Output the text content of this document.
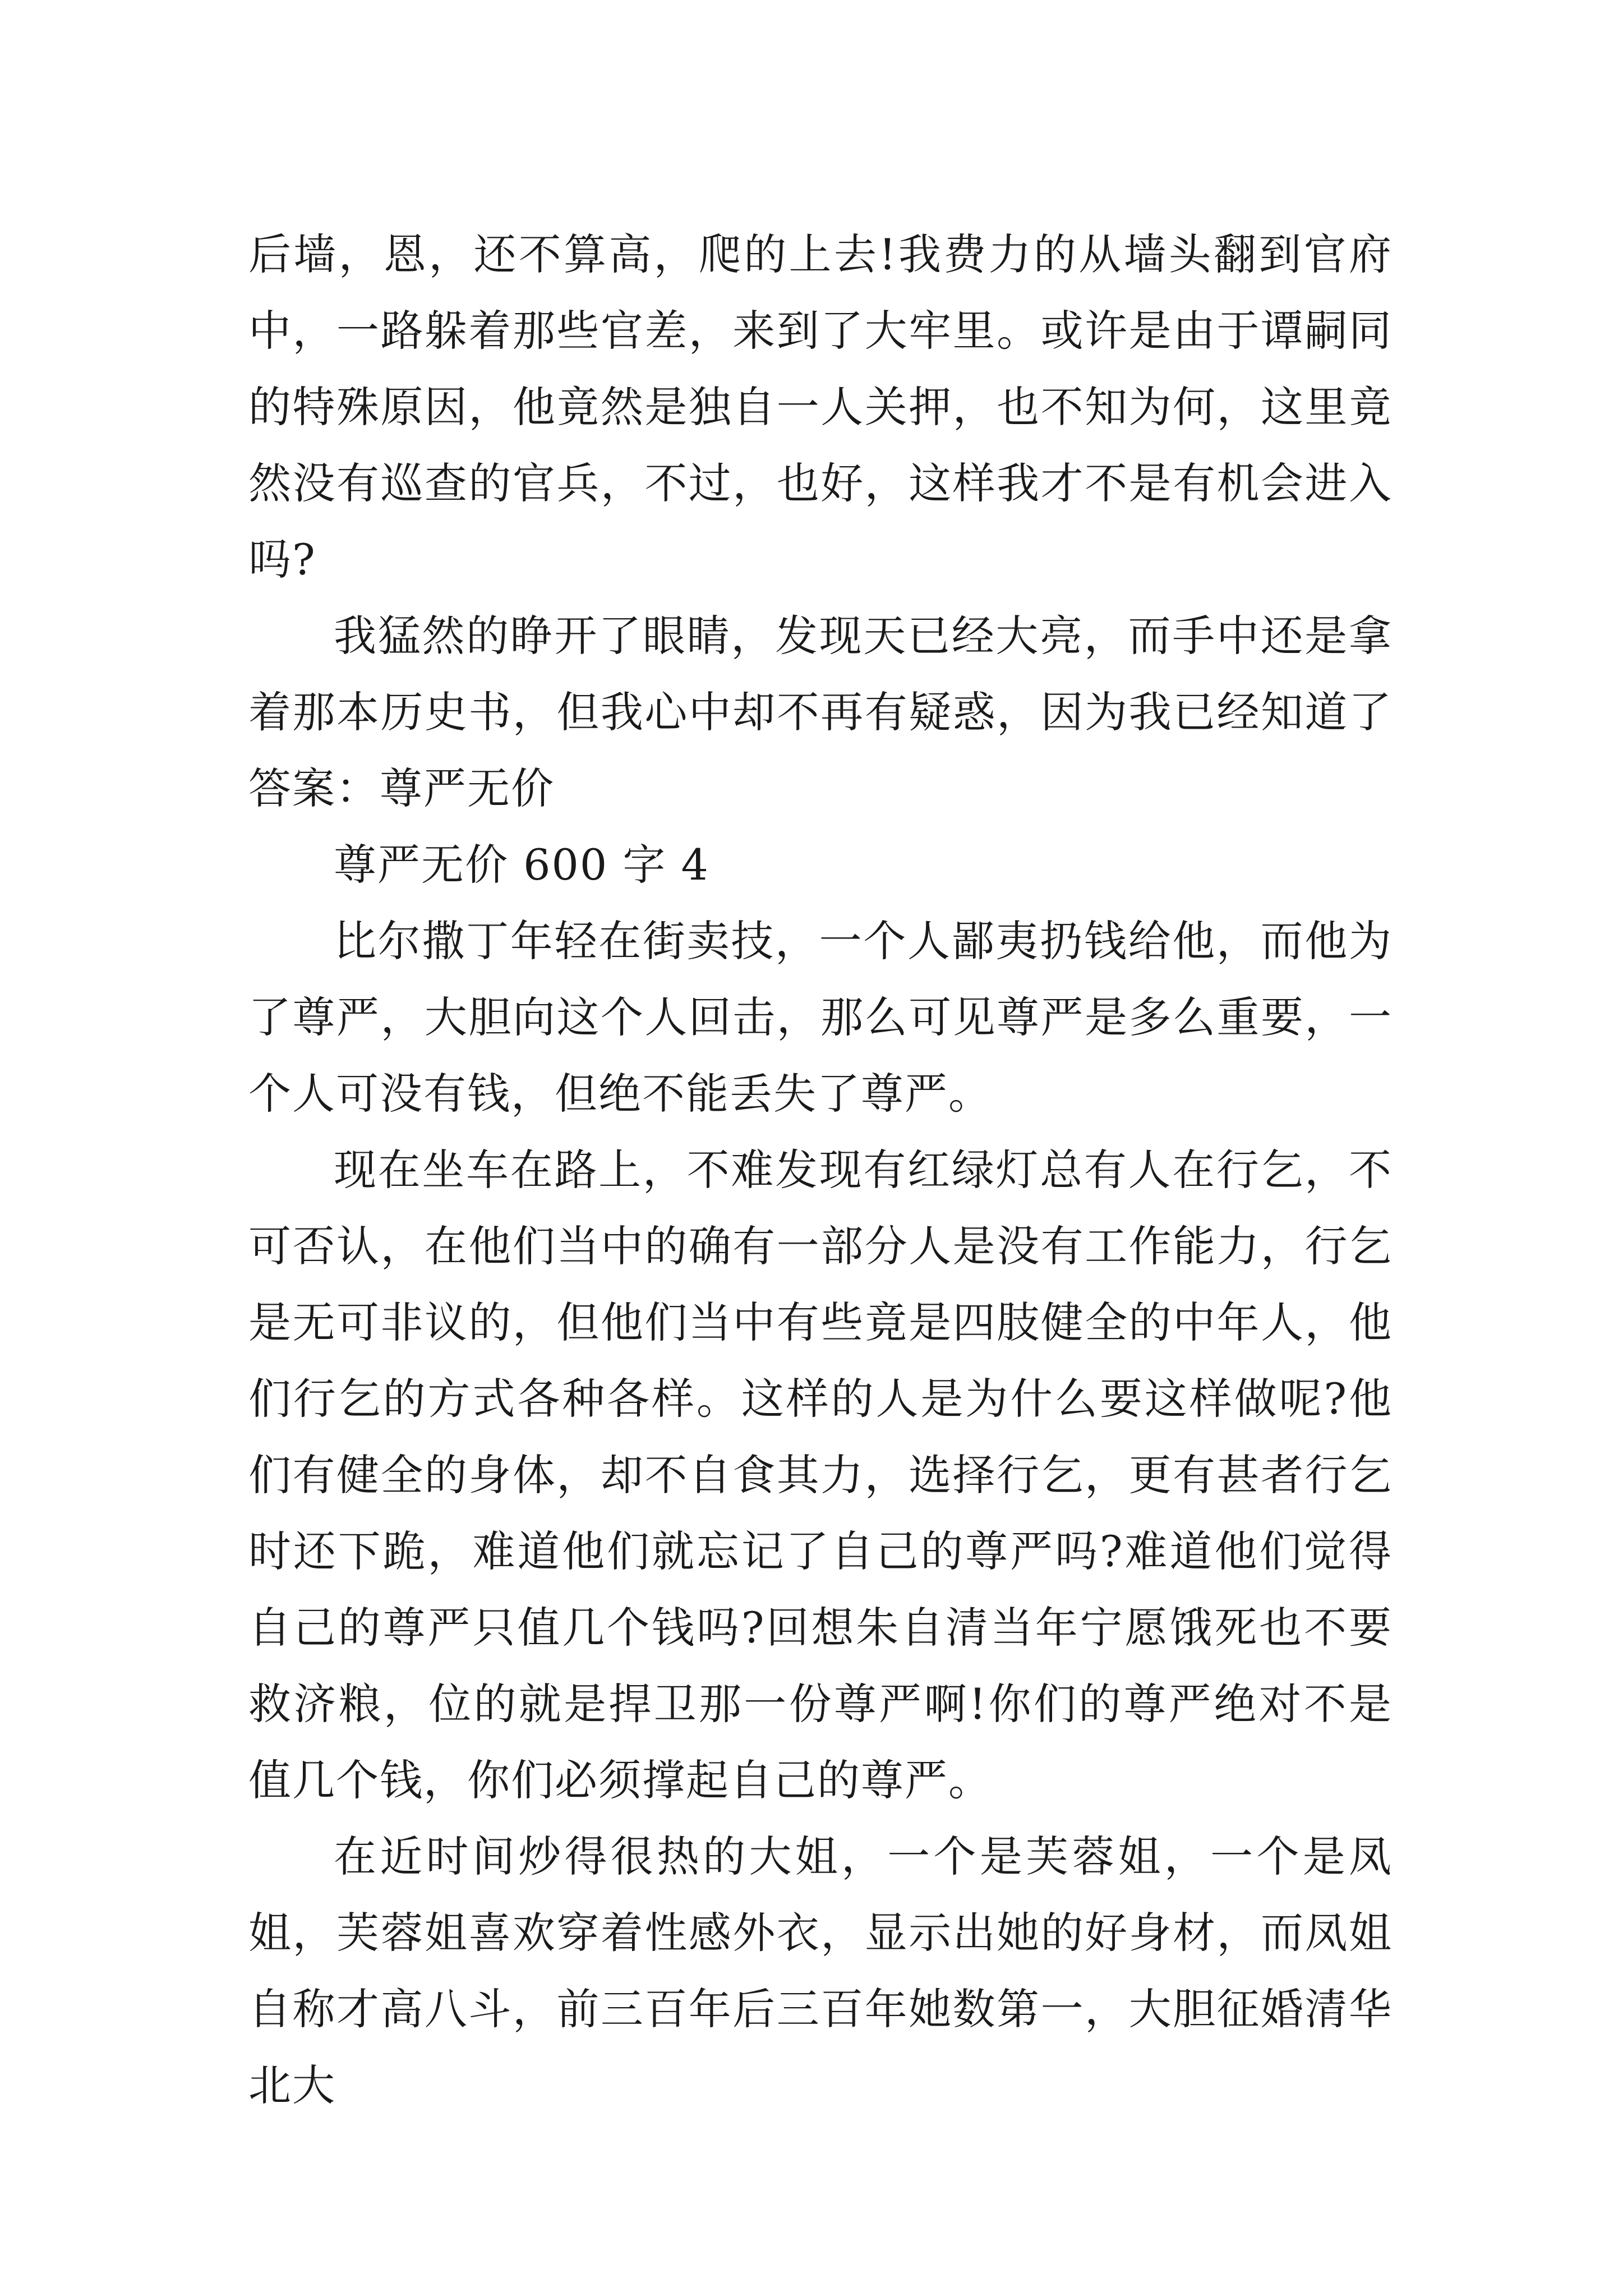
后墙，恩，还不算高，爬的上去!我费力的从墙头翻到官府中，一路躲着那些官差，来到了大牢里。或许是由于谭嗣同的特殊原因，他竟然是独自一人关押，也不知为何，这里竟然没有巡查的官兵，不过，也好，这样我才不是有机会进入吗?

我猛然的睁开了眼睛，发现天已经大亮，而手中还是拿着那本历史书，但我心中却不再有疑惑，因为我已经知道了答案：尊严无价

尊严无价 600 字 4

比尔撒丁年轻在街卖技，一个人鄙夷扔钱给他，而他为了尊严，大胆向这个人回击，那么可见尊严是多么重要，一个人可没有钱，但绝不能丢失了尊严。

现在坐车在路上，不难发现有红绿灯总有人在行乞，不可否认，在他们当中的确有一部分人是没有工作能力，行乞是无可非议的，但他们当中有些竟是四肢健全的中年人，他们行乞的方式各种各样。这样的人是为什么要这样做呢?他们有健全的身体，却不自食其力，选择行乞，更有甚者行乞时还下跪，难道他们就忘记了自己的尊严吗?难道他们觉得自己的尊严只值几个钱吗?回想朱自清当年宁愿饿死也不要救济粮，位的就是捍卫那一份尊严啊!你们的尊严绝对不是值几个钱，你们必须撑起自己的尊严。

在近时间炒得很热的大姐，一个是芙蓉姐，一个是凤姐，芙蓉姐喜欢穿着性感外衣，显示出她的好身材，而凤姐自称才高八斗，前三百年后三百年她数第一，大胆征婚清华北大
